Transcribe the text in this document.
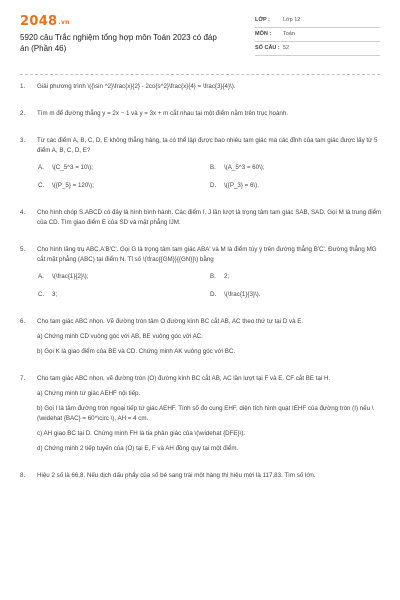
2048.vn
5920 câu Trắc nghiệm tổng hợp môn Toán 2023 có đáp án (Phần 46)
LỚP :	Lớp 12
MÔN :	Toán
SỐ CÂU : 52
1.	Giải phương trình \({\sin ^2}\frac{x}{2} - 2co{s^2}\frac{x}{4} = \frac{3}{4}\).
2.	Tìm m để đường thẳng y = 2x − 1 và y = 3x + m cắt nhau tại một điểm nằm trên trục hoành.
3.	Từ các điểm A, B, C, D, E không thẳng hàng, ta có thể lập được bao nhiêu tam giác mà các đỉnh của tam giác được lấy từ 5 điểm A, B, C, D, E?
A.	\(C_5^3 = 10\);	B.	\(A_5^3 = 60\);
C.	\({P_5} = 120\);	D.	\({P_3} = 6\).
4.	Cho hình chóp S.ABCD có đáy là hình bình hành. Các điểm I, J lần lượt là trọng tâm tam giác SAB, SAD. Gọi M là trung điểm của CD. Tìm giao điểm E của SD và mặt phẳng IJM.
5.	Cho hình lăng trụ ABC.A'B'C'. Gọi G là trọng tâm tam giác ABA' và M là điểm tùy ý trên đường thẳng B'C'. Đường thẳng MG cắt mặt phẳng (ABC) tại điểm N. Tỉ số \(\frac{{GM}}{{GN}}\) bằng
A.	\(\frac{1}{2}\);	B.	2;
C.	3;	D.	\(\frac{1}{3}\).
6.	Cho tam giác ABC nhọn. Vẽ đường tròn tâm O đường kính BC cắt AB, AC theo thứ tự tại D và E.
a) Chứng minh CD vuông góc với AB, BE vuông góc với AC.
b) Gọi K là giao điểm của BE và CD. Chứng minh AK vuông góc với BC.
7.	Cho tam giác ABC nhọn, vẽ đường tròn (O) đường kính BC cắt AB, AC lần lượt tại F và E. CF cắt BE tại H.
a) Chứng minh tứ giác AEHF nội tiếp.
b) Gọi I là tâm đường tròn ngoại tiếp tứ giác AEHF. Tính số đo cung EHF, diện tích hình quạt IEHF của đường tròn (I) nếu \(\widehat {BAC} = 60^\circ \), AH = 4 cm.
c) AH giao BC tại D. Chứng minh FH là tia phân giác của \(\widehat {DFE}\).
d) Chứng minh 2 tiếp tuyến của (O) tại E, F và AH đồng quy tại một điểm.
8.	Hiệu 2 số là 66,8. Nếu dịch dấu phẩy của số bé sang trái một hàng thì hiệu mới là 117,83. Tìm số lớn.
